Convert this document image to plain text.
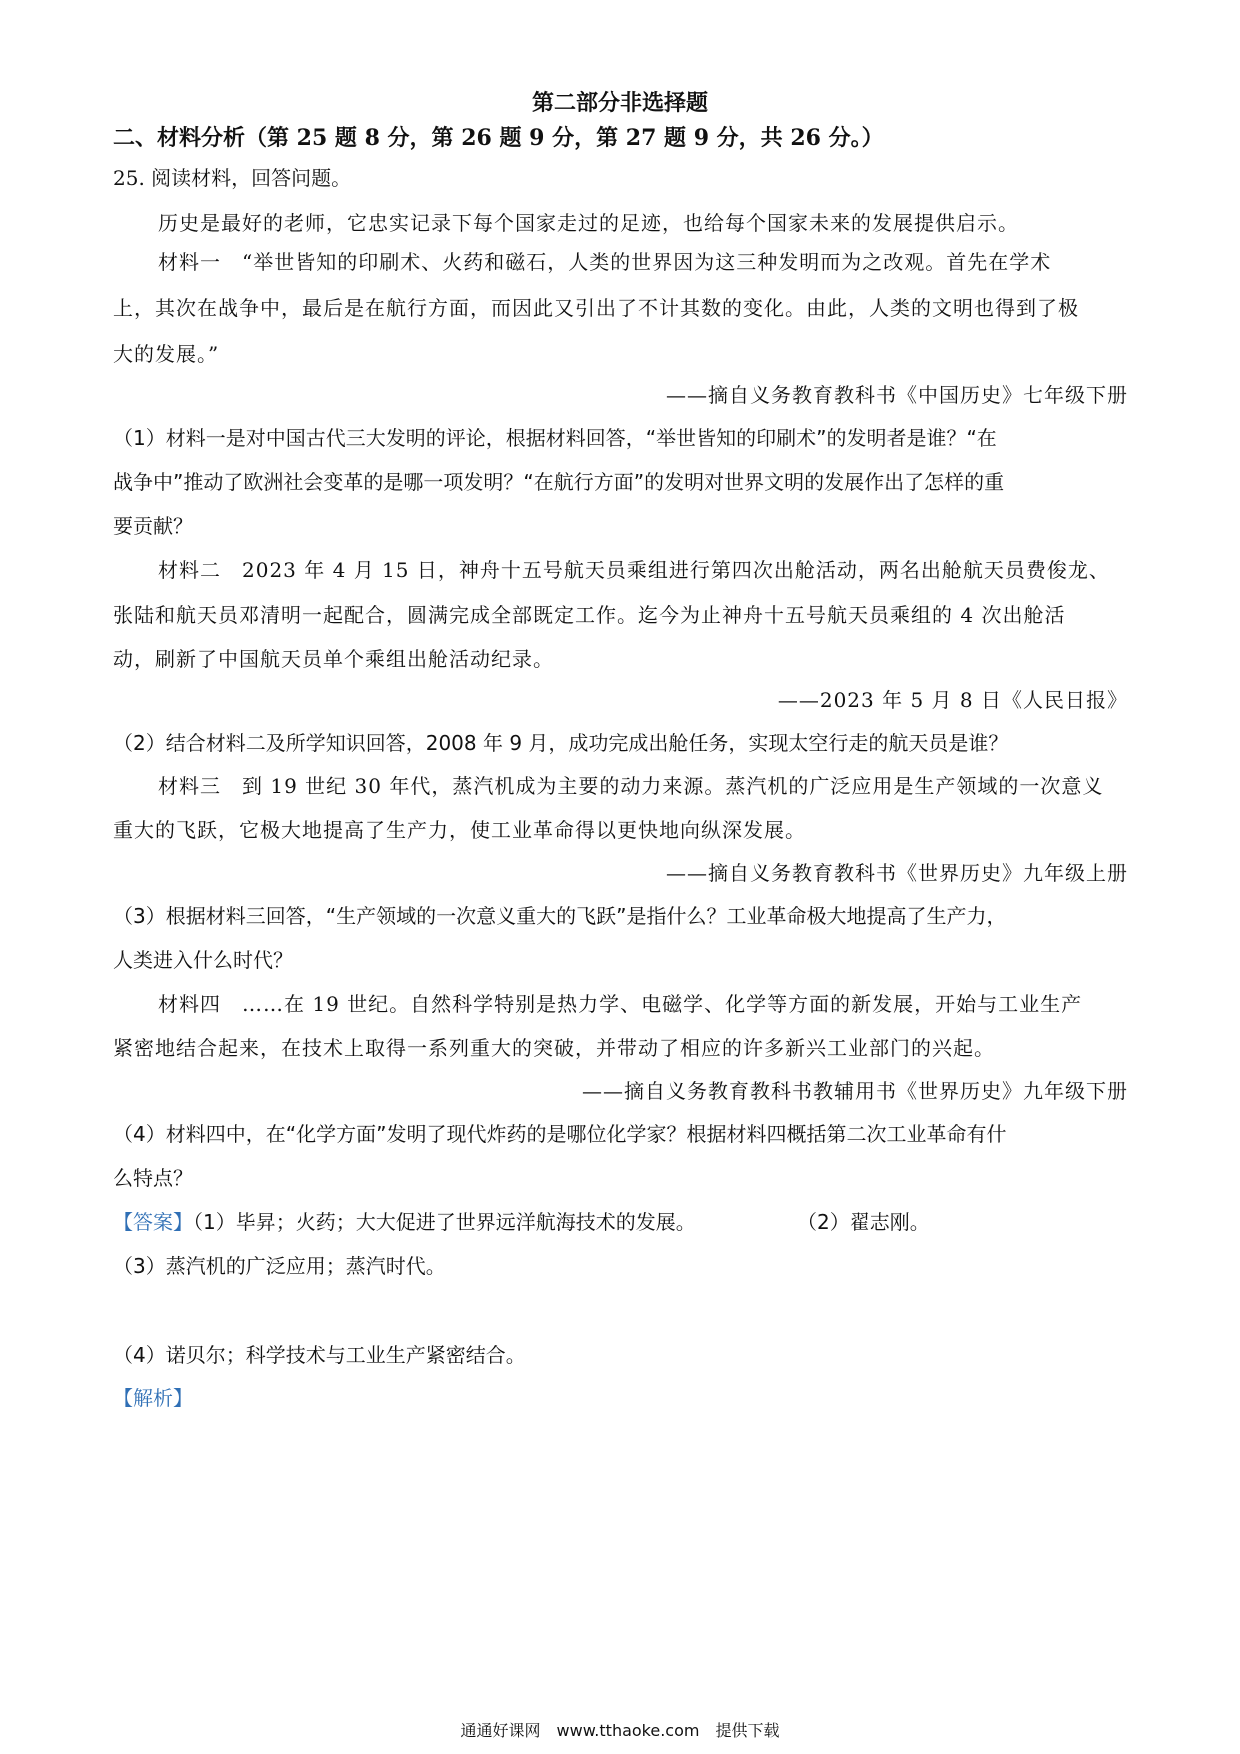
第二部分非选择题
二、材料分析（第 25 题 8 分，第 26 题 9 分，第 27 题 9 分，共 26 分。）
25. 阅读材料，回答问题。
历史是最好的老师，它忠实记录下每个国家走过的足迹，也给每个国家未来的发展提供启示。
材料一　“举世皆知的印刷术、火药和磁石，人类的世界因为这三种发明而为之改观。首先在学术
上，其次在战争中，最后是在航行方面，而因此又引出了不计其数的变化。由此，人类的文明也得到了极
大的发展。”
——摘自义务教育教科书《中国历史》七年级下册
（1）材料一是对中国古代三大发明的评论，根据材料回答，“举世皆知的印刷术”的发明者是谁？“在
战争中”推动了欧洲社会变革的是哪一项发明？“在航行方面”的发明对世界文明的发展作出了怎样的重
要贡献？
材料二　2023 年 4 月 15 日，神舟十五号航天员乘组进行第四次出舱活动，两名出舱航天员费俊龙、
张陆和航天员邓清明一起配合，圆满完成全部既定工作。迄今为止神舟十五号航天员乘组的 4 次出舱活
动，刷新了中国航天员单个乘组出舱活动纪录。
——2023 年 5 月 8 日《人民日报》
（2）结合材料二及所学知识回答，2008 年 9 月，成功完成出舱任务，实现太空行走的航天员是谁？
材料三　到 19 世纪 30 年代，蒸汽机成为主要的动力来源。蒸汽机的广泛应用是生产领域的一次意义
重大的飞跃，它极大地提高了生产力，使工业革命得以更快地向纵深发展。
——摘自义务教育教科书《世界历史》九年级上册
（3）根据材料三回答，“生产领域的一次意义重大的飞跃”是指什么？工业革命极大地提高了生产力，
人类进入什么时代？
材料四　……在 19 世纪。自然科学特别是热力学、电磁学、化学等方面的新发展，开始与工业生产
紧密地结合起来，在技术上取得一系列重大的突破，并带动了相应的许多新兴工业部门的兴起。
——摘自义务教育教科书教辅用书《世界历史》九年级下册
（4）材料四中，在“化学方面”发明了现代炸药的是哪位化学家？根据材料四概括第二次工业革命有什
么特点？
【答案】（1）毕昇；火药；大大促进了世界远洋航海技术的发展。	（2）翟志刚。
（3）蒸汽机的广泛应用；蒸汽时代。
（4）诺贝尔；科学技术与工业生产紧密结合。
【解析】
通通好课网　www.tthaoke.com　提供下载
